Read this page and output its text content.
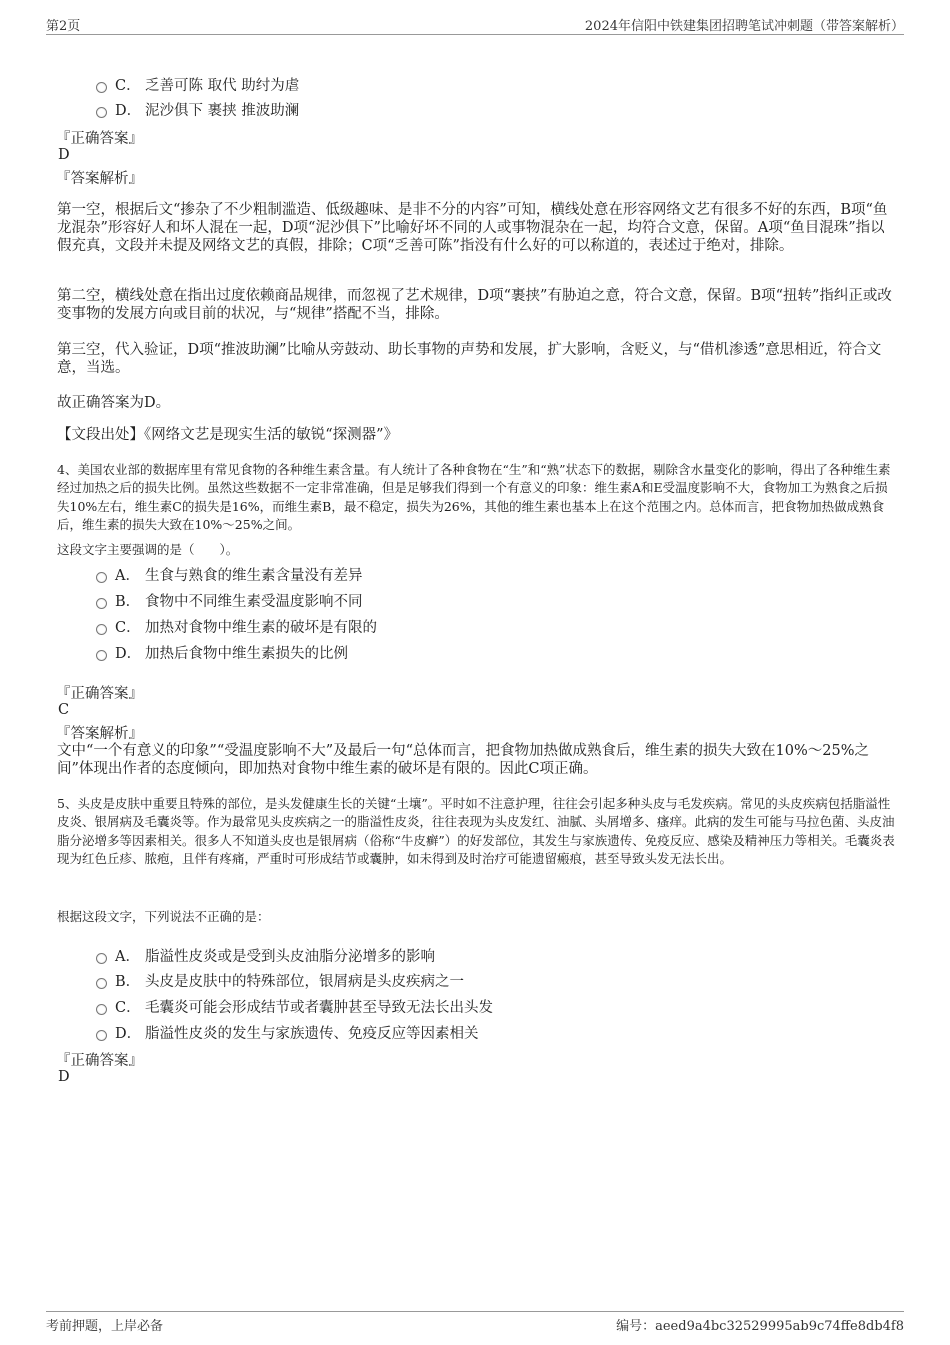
第2页	2024年信阳中铁建集团招聘笔试冲刺题（带答案解析）
C． 乏善可陈 取代 助纣为虐
D． 泥沙俱下 裹挟 推波助澜
『正确答案』
D
『答案解析』
第一空，根据后文“掺杂了不少粗制滥造、低级趣味、是非不分的内容”可知，横线处意在形容网络文艺有很多不好的东西，B项“鱼龙混杂”形容好人和坏人混在一起，D项“泥沙俱下”比喻好坏不同的人或事物混杂在一起，均符合文意，保留。A项“鱼目混珠”指以假充真，文段并未提及网络文艺的真假，排除；C项“乏善可陈”指没有什么好的可以称道的，表述过于绝对，排除。
第二空，横线处意在指出过度依赖商品规律，而忽视了艺术规律，D项“裹挟”有胁迫之意，符合文意，保留。B项“扭转”指纠正或改变事物的发展方向或目前的状况，与“规律”搭配不当，排除。
第三空，代入验证，D项“推波助澜”比喻从旁鼓动、助长事物的声势和发展，扩大影响，含贬义，与“借机渗透”意思相近，符合文意，当选。
故正确答案为D。
【文段出处】《网络文艺是现实生活的敏锐“探测器”》
4、美国农业部的数据库里有常见食物的各种维生素含量。有人统计了各种食物在“生”和“熟”状态下的数据，剔除含水量变化的影响，得出了各种维生素经过加热之后的损失比例。虽然这些数据不一定非常准确，但是足够我们得到一个有意义的印象：维生素A和E受温度影响不大，食物加工为熟食之后损失10%左右，维生素C的损失是16%，而维生素B，最不稳定，损失为26%，其他的维生素也基本上在这个范围之内。总体而言，把食物加热做成熟食后，维生素的损失大致在10%～25%之间。
这段文字主要强调的是（　　）。
A． 生食与熟食的维生素含量没有差异
B． 食物中不同维生素受温度影响不同
C． 加热对食物中维生素的破坏是有限的
D． 加热后食物中维生素损失的比例
『正确答案』
C
『答案解析』
文中“一个有意义的印象”“受温度影响不大”及最后一句“总体而言，把食物加热做成熟食后，维生素的损失大致在10%～25%之间”体现出作者的态度倾向，即加热对食物中维生素的破坏是有限的。因此C项正确。
5、头皮是皮肤中重要且特殊的部位，是头发健康生长的关键“土壤”。平时如不注意护理，往往会引起多种头皮与毛发疾病。常见的头皮疾病包括脂溢性皮炎、银屑病及毛囊炎等。作为最常见头皮疾病之一的脂溢性皮炎，往往表现为头皮发红、油腻、头屑增多、瘙痒。此病的发生可能与马拉色菌、头皮油脂分泌增多等因素相关。很多人不知道头皮也是银屑病（俗称“牛皮癣”）的好发部位，其发生与家族遗传、免疫反应、感染及精神压力等相关。毛囊炎表现为红色丘疹、脓疱，且伴有疼痛，严重时可形成结节或囊肿，如未得到及时治疗可能遗留瘢痕，甚至导致头发无法长出。
根据这段文字，下列说法不正确的是：
A． 脂溢性皮炎或是受到头皮油脂分泌增多的影响
B． 头皮是皮肤中的特殊部位，银屑病是头皮疾病之一
C． 毛囊炎可能会形成结节或者囊肿甚至导致无法长出头发
D． 脂溢性皮炎的发生与家族遗传、免疫反应等因素相关
『正确答案』
D
考前押题，上岸必备	编号：aeed9a4bc32529995ab9c74ffe8db4f8
